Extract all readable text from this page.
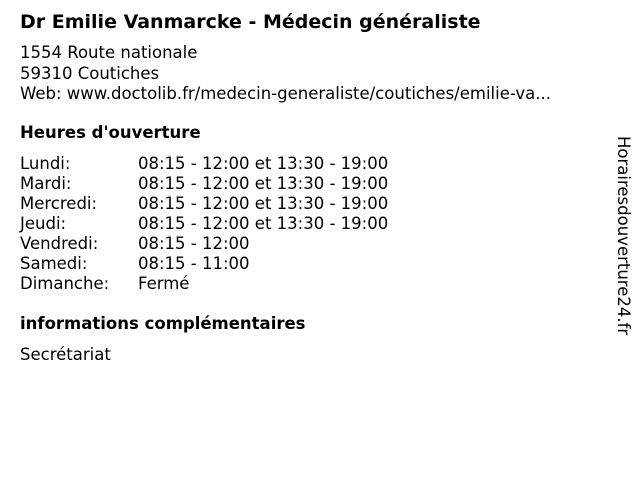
Dr Emilie Vanmarcke - Médecin généraliste
1554 Route nationale
59310 Coutiches
Web: www.doctolib.fr/medecin-generaliste/coutiches/emilie-va...
Heures d'ouverture
Lundi:	08:15 - 12:00 et 13:30 - 19:00
Mardi:	08:15 - 12:00 et 13:30 - 19:00
Mercredi:	08:15 - 12:00 et 13:30 - 19:00
Jeudi:	08:15 - 12:00 et 13:30 - 19:00
Vendredi:	08:15 - 12:00
Samedi:	08:15 - 11:00
Dimanche:	Fermé
informations complémentaires
Secrétariat
Horairesdouverture24.fr
